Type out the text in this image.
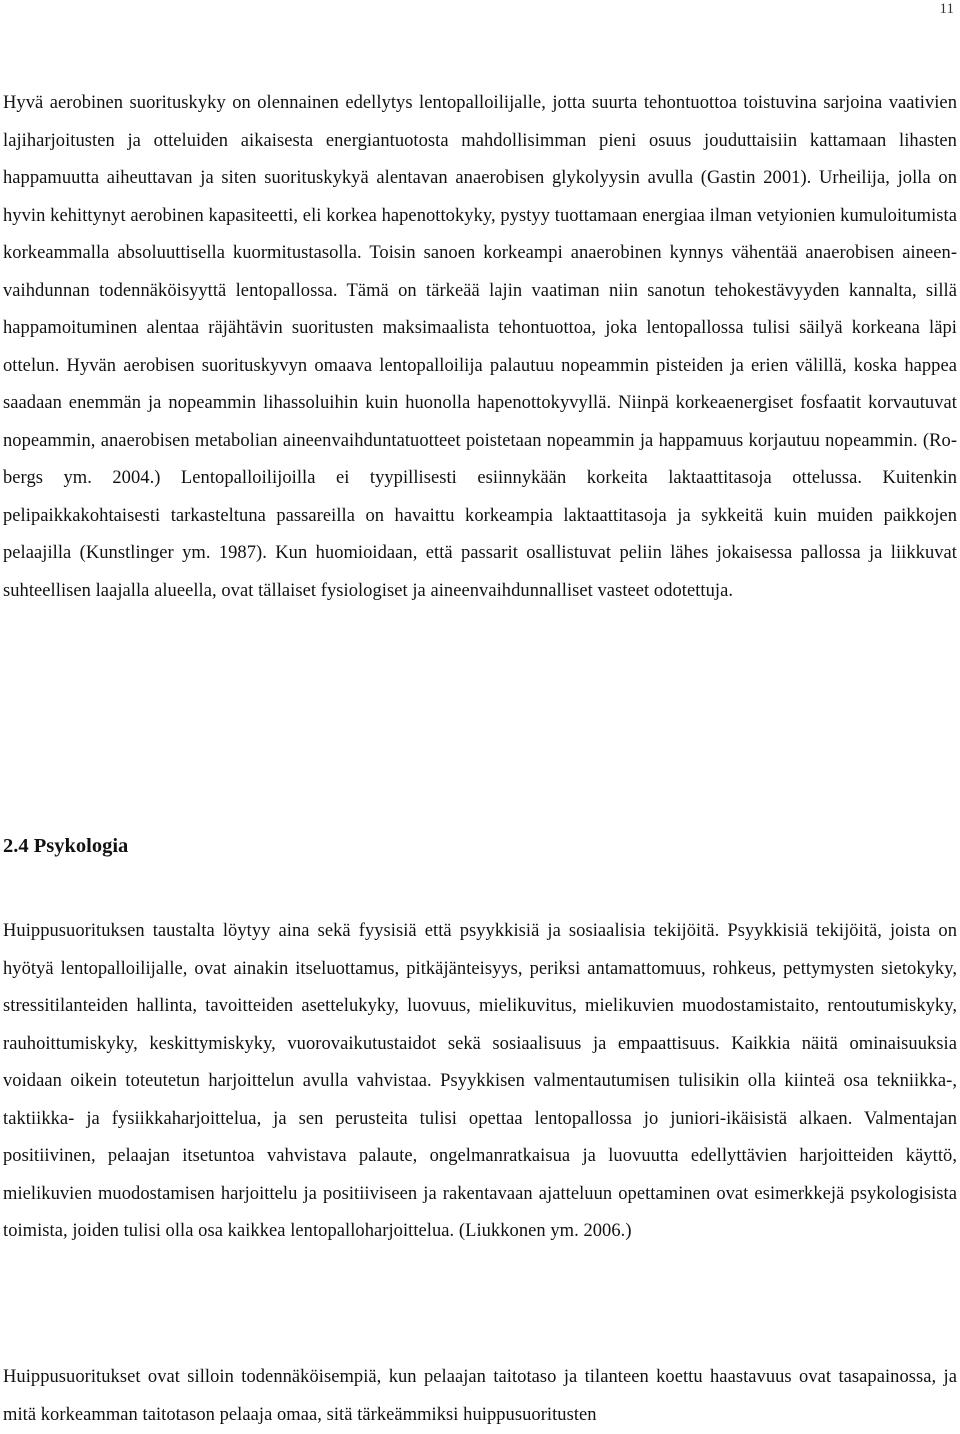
11

Hyvä aerobinen suorituskyky on olennainen edellytys lentopalloilijalle, jotta suurta tehontuottoa toistuvina sarjoina vaativien lajiharjoitusten ja otteluiden aikaisesta energiantuotosta mahdollisimman pieni osuus jouduttaisiin kattamaan lihasten happamuutta aiheuttavan ja siten suorituskykyä alentavan anaerobisen glykolyysin avulla (Gastin 2001). Urheilija, jolla on hyvin kehittynyt aerobinen kapasiteetti, eli korkea hapenottokyky, pystyy tuottamaan energiaa ilman vetyionien kumuloitumista korkeammalla absoluuttisella kuormitustasolla. Toisin sanoen korkeampi anaerobinen kynnys vähentää anaerobisen aineenvaihdunnan todennäköisyyttä lentopallossa. Tämä on tärkeää lajin vaatiman niin sanotun tehokestävyyden kannalta, sillä happamoituminen alentaa räjähtävin suoritusten maksimaalista tehontuottoa, joka lentopallossa tulisi säilyä korkeana läpi ottelun. Hyvän aerobisen suorituskyvyn omaava lentopalloilija palautuu nopeammin pisteiden ja erien välillä, koska happea saadaan enemmän ja nopeammin lihassoluihin kuin huonolla hapenottokyvyllä. Niinpä korkeaenergiset fosfaatit korvautuvat nopeammin, anaerobisen metabolian aineenvaihduntatuotteet poistetaan nopeammin ja happamuus korjautuu nopeammin. (Robergs ym. 2004.) Lentopalloilijoilla ei tyypillisesti esiinnykään korkeita laktaattitasoja ottelussa. Kuitenkin pelipaikkakohtaisesti tarkasteltuna passareilla on havaittu korkeampia laktaattitasoja ja sykkeitä kuin muiden paikkojen pelaajilla (Kunstlinger ym. 1987). Kun huomioidaan, että passarit osallistuvat peliin lähes jokaisessa pallossa ja liikkuvat suhteellisen laajalla alueella, ovat tällaiset fysiologiset ja aineenvaihdunnalliset vasteet odotettuja.

2.4 Psykologia

Huippusuorituksen taustalta löytyy aina sekä fyysisiä että psyykkisiä ja sosiaalisia tekijöitä. Psyykkisiä tekijöitä, joista on hyötyä lentopalloilijalle, ovat ainakin itseluottamus, pitkäjänteisyys, periksi antamattomuus, rohkeus, pettymysten sietokyky, stressitilanteiden hallinta, tavoitteiden asettelukyky, luovuus, mielikuvitus, mielikuvien muodostamistaito, rentoutumiskyky, rauhoittumiskyky, keskittymiskyky, vuorovaikutustaidot sekä sosiaalisuus ja empaattisuus. Kaikkia näitä ominaisuuksia voidaan oikein toteutetun harjoittelun avulla vahvistaa. Psyykkisen valmentautumisen tulisikin olla kiinteä osa tekniikka-, taktiikka- ja fysiikkaharjoittelua, ja sen perusteita tulisi opettaa lentopallossa jo juniori-ikäisistä alkaen. Valmentajan positiivinen, pelaajan itsetuntoa vahvistava palaute, ongelmanratkaisua ja luovuutta edellyttävien harjoitteiden käyttö, mielikuvien muodostamisen harjoittelu ja positiiviseen ja rakentavaan ajatteluun opettaminen ovat esimerkkejä psykologisista toimista, joiden tulisi olla osa kaikkea lentopalloharjoittelua. (Liukkonen ym. 2006.)

Huippusuoritukset ovat silloin todennäköisempiä, kun pelaajan taitotaso ja tilanteen koettu haastavuus ovat tasapainossa, ja mitä korkeamman taitotason pelaaja omaa, sitä tärkeämmiksi huippusuoritusten
